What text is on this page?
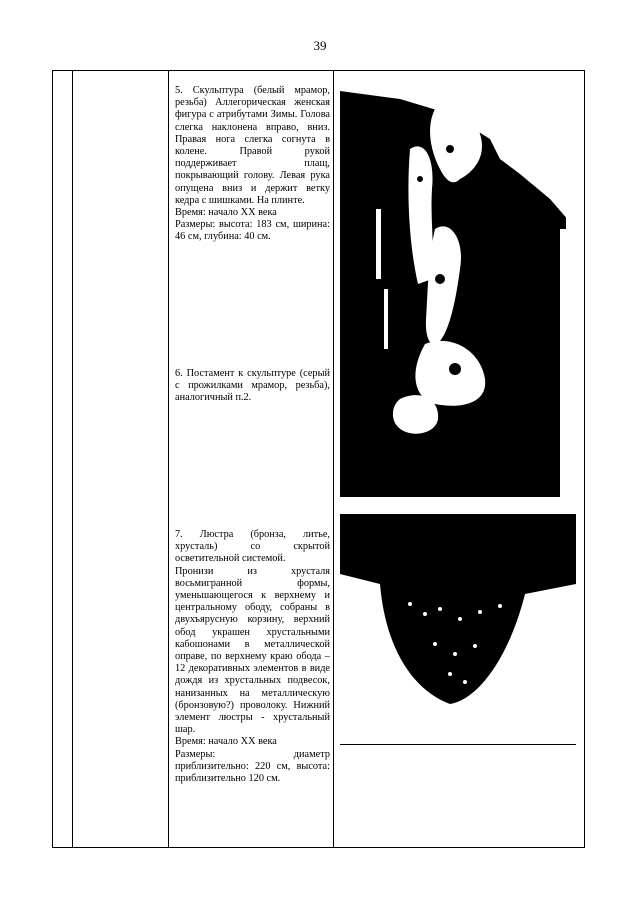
39

5. Скульптура (белый мрамор, резьба) Аллегорическая женская фигура с атрибутами Зимы. Голова слегка наклонена вправо, вниз. Правая нога слегка согнута в колене. Правой рукой поддерживает плащ, покрывающий голову. Левая рука опущена вниз и держит ветку кедра с шишками. На плинте.

Время: начало XX века

Размеры: высота: 183 см, ширина: 46 см, глубина: 40 см.

6. Постамент к скульптуре (серый с прожилками мрамор, резьба), аналогичный п.2.

7. Люстра (бронза, литье, хрусталь) со скрытой осветительной системой.

Пронизи из хрусталя восьмигранной формы, уменьшающегося к верхнему и центральному ободу, собраны в двухъярусную корзину, верхний обод украшен хрустальными кабошонами в металлической оправе, по верхнему краю обода – 12 декоративных элементов в виде дождя из хрустальных подвесок, нанизанных на металлическую (бронзовую?) проволоку. Нижний элемент люстры - хрустальный шар.

Время: начало XX века

Размеры: диаметр приблизительно: 220 см, высота: приблизительно 120 см.
